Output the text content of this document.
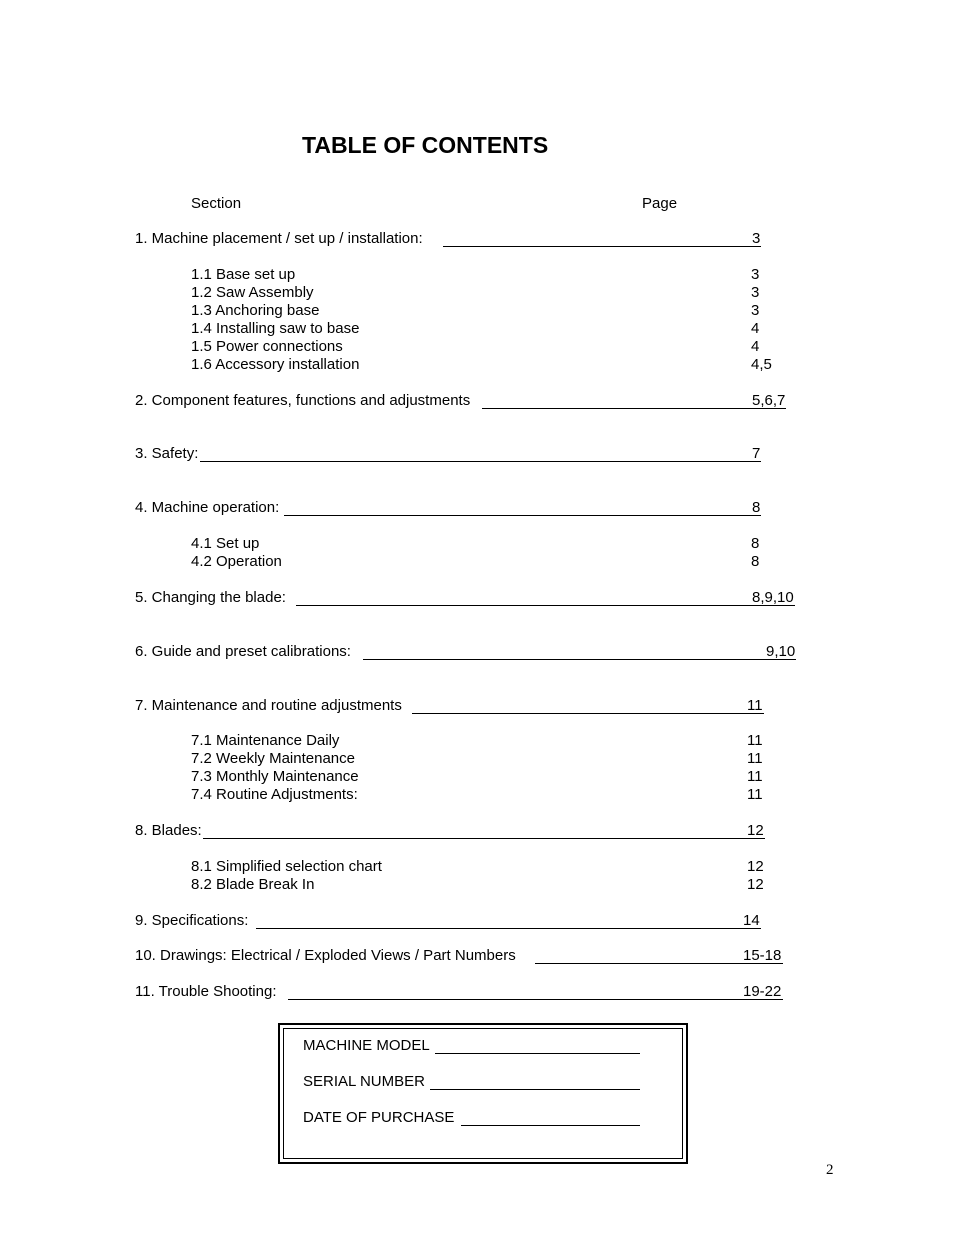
TABLE OF CONTENTS
Section	Page
1. Machine placement / set up / installation:	3
1.1 Base set up	3
1.2 Saw Assembly	3
1.3 Anchoring base	3
1.4 Installing saw to base	4
1.5 Power connections	4
1.6 Accessory installation	4,5
2. Component features, functions and adjustments	5,6,7
3. Safety:	7
4. Machine operation:	8
4.1 Set up	8
4.2 Operation	8
5. Changing the blade:	8,9,10
6. Guide and preset calibrations:	9,10
7. Maintenance and routine adjustments	11
7.1 Maintenance Daily	11
7.2 Weekly Maintenance	11
7.3 Monthly Maintenance	11
7.4 Routine Adjustments:	11
8. Blades:	12
8.1 Simplified selection chart	12
8.2 Blade Break In	12
9. Specifications:	14
10. Drawings: Electrical / Exploded Views / Part Numbers	15-18
11. Trouble Shooting:	19-22
MACHINE MODEL
SERIAL NUMBER
DATE OF PURCHASE
2
